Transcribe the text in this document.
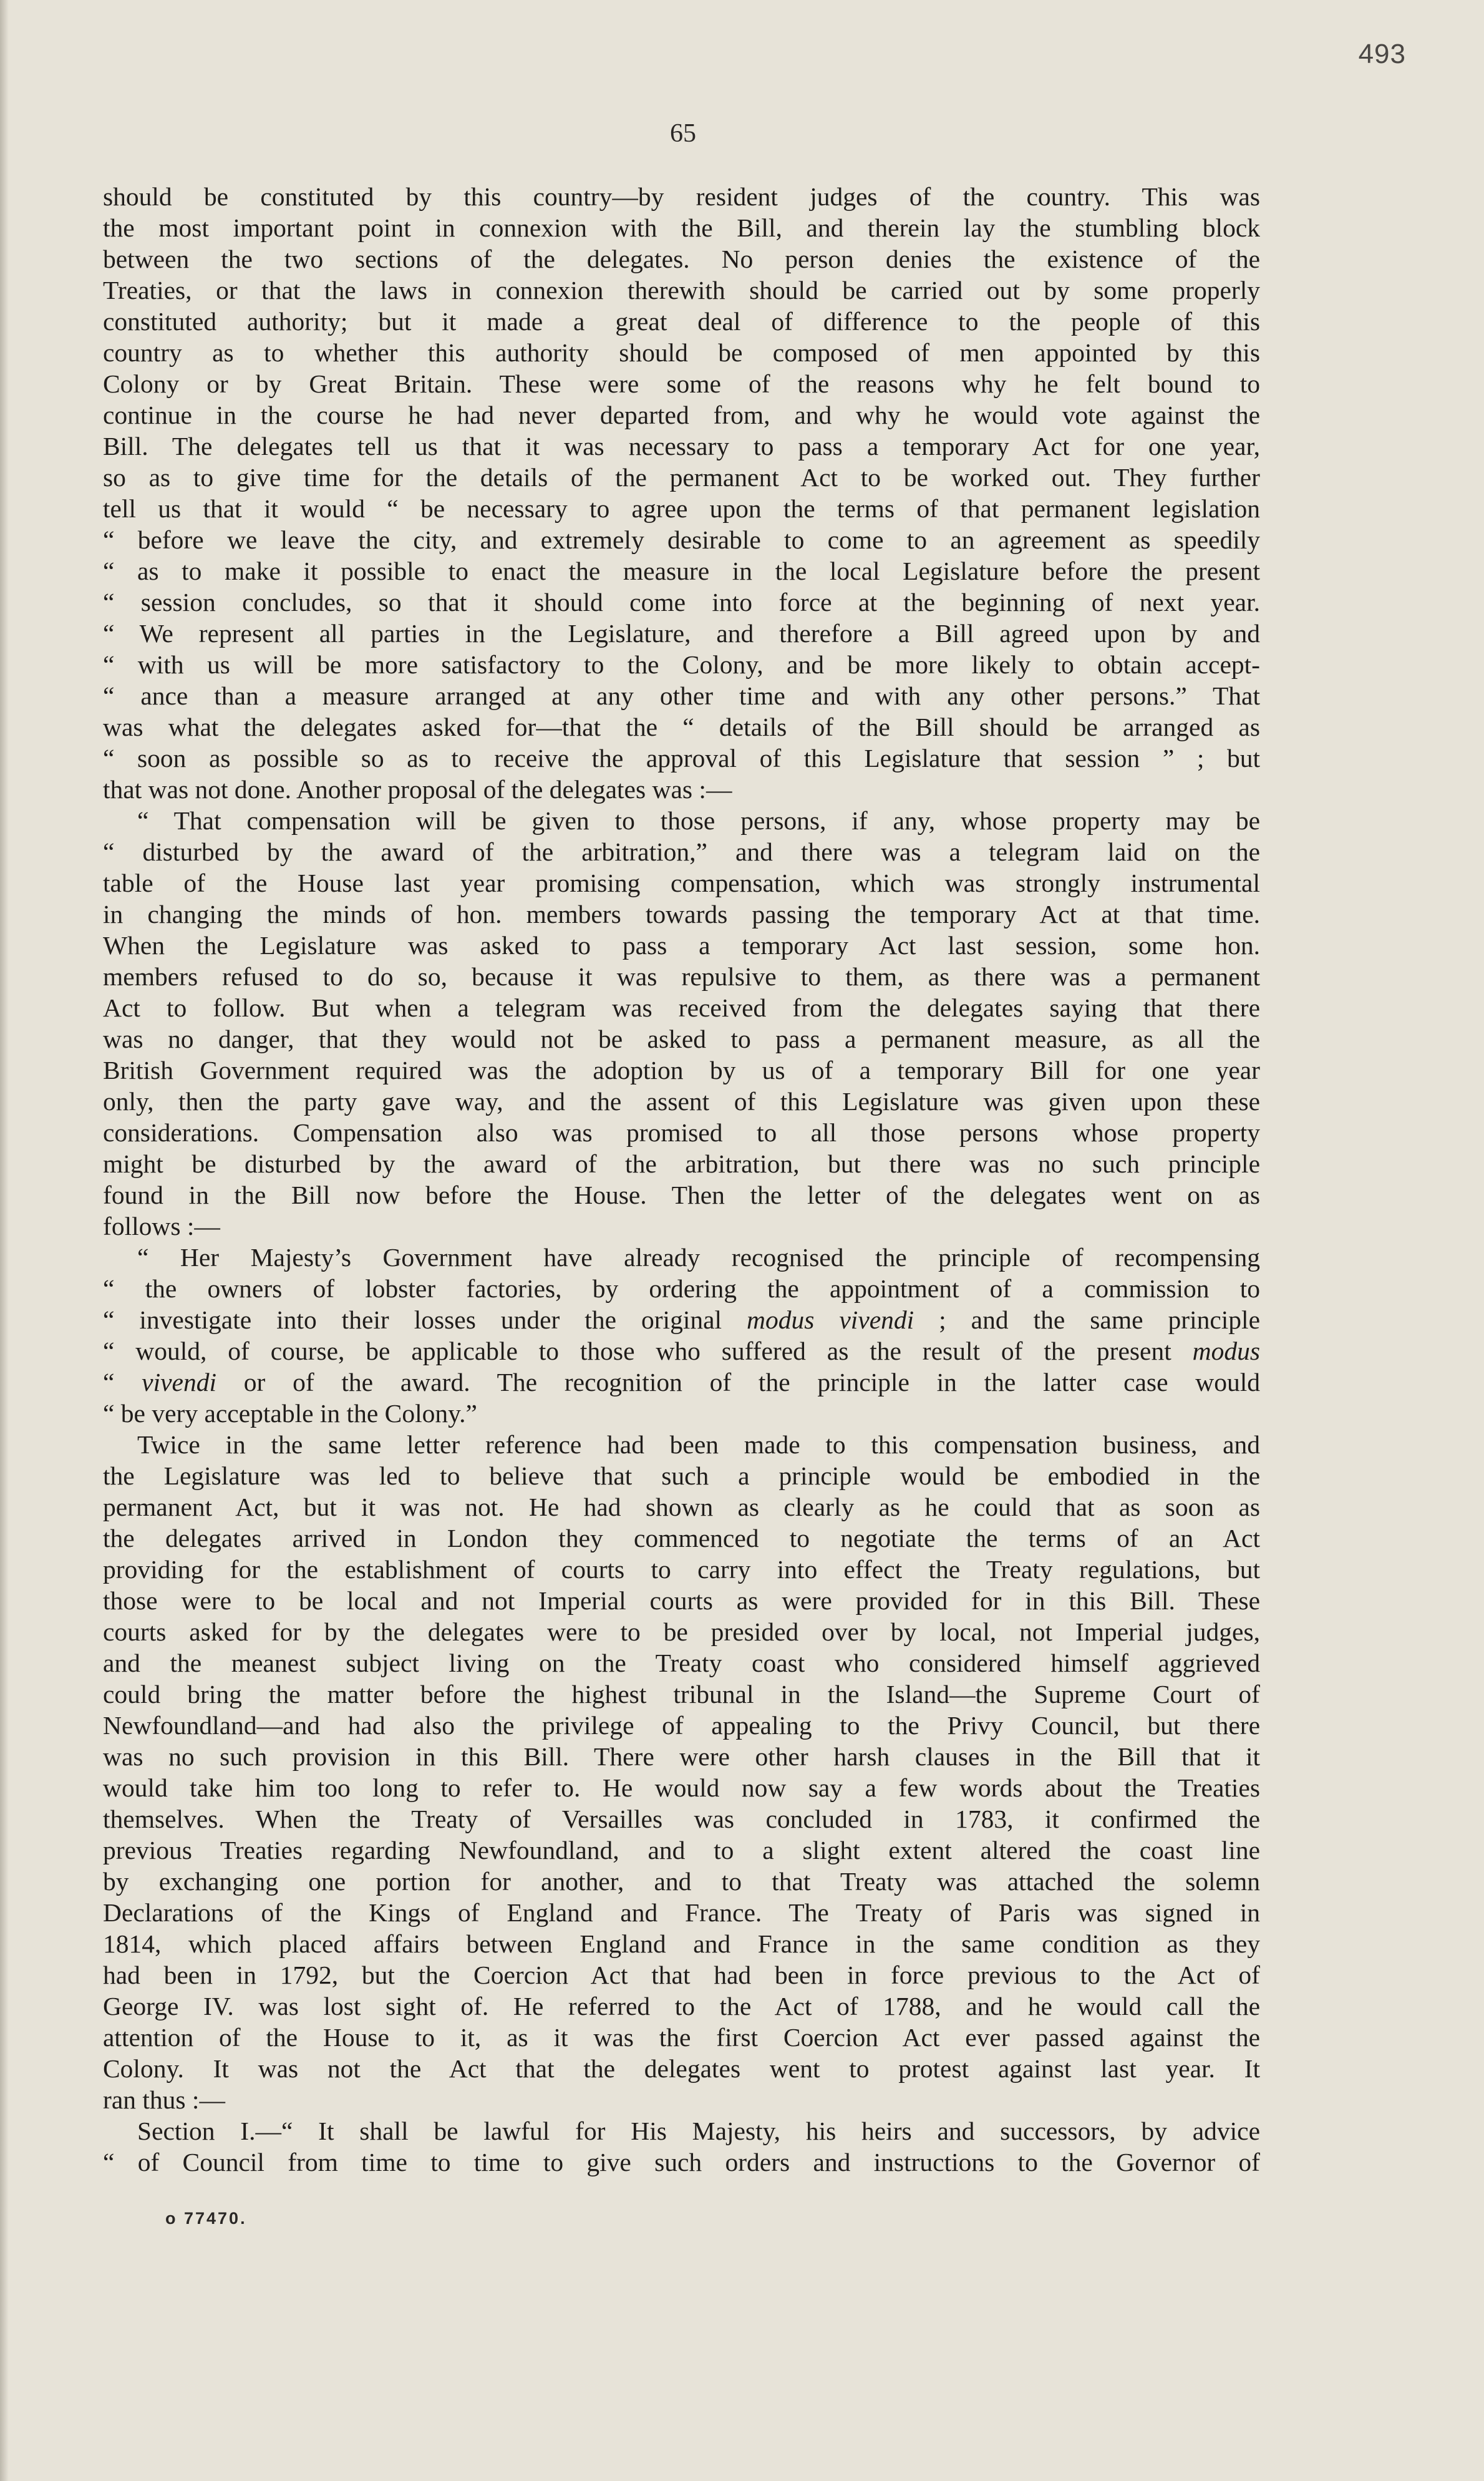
493
65
should be constituted by this country—by resident judges of the country. This was
the most important point in connexion with the Bill, and therein lay the stumbling block
between the two sections of the delegates. No person denies the existence of the
Treaties, or that the laws in connexion therewith should be carried out by some properly
constituted authority; but it made a great deal of difference to the people of this
country as to whether this authority should be composed of men appointed by this
Colony or by Great Britain. These were some of the reasons why he felt bound to
continue in the course he had never departed from, and why he would vote against the
Bill. The delegates tell us that it was necessary to pass a temporary Act for one year,
so as to give time for the details of the permanent Act to be worked out. They further
tell us that it would “ be necessary to agree upon the terms of that permanent legislation
“ before we leave the city, and extremely desirable to come to an agreement as speedily
“ as to make it possible to enact the measure in the local Legislature before the present
“ session concludes, so that it should come into force at the beginning of next year.
“ We represent all parties in the Legislature, and therefore a Bill agreed upon by and
“ with us will be more satisfactory to the Colony, and be more likely to obtain accept-
“ ance than a measure arranged at any other time and with any other persons.” That
was what the delegates asked for—that the “ details of the Bill should be arranged as
“ soon as possible so as to receive the approval of this Legislature that session ” ; but
that was not done. Another proposal of the delegates was :—
“ That compensation will be given to those persons, if any, whose property may be
“ disturbed by the award of the arbitration,” and there was a telegram laid on the
table of the House last year promising compensation, which was strongly instrumental
in changing the minds of hon. members towards passing the temporary Act at that time.
When the Legislature was asked to pass a temporary Act last session, some hon.
members refused to do so, because it was repulsive to them, as there was a permanent
Act to follow. But when a telegram was received from the delegates saying that there
was no danger, that they would not be asked to pass a permanent measure, as all the
British Government required was the adoption by us of a temporary Bill for one year
only, then the party gave way, and the assent of this Legislature was given upon these
considerations. Compensation also was promised to all those persons whose property
might be disturbed by the award of the arbitration, but there was no such principle
found in the Bill now before the House. Then the letter of the delegates went on as
follows :—
“ Her Majesty’s Government have already recognised the principle of recompensing
“ the owners of lobster factories, by ordering the appointment of a commission to
“ investigate into their losses under the original modus vivendi ; and the same principle
“ would, of course, be applicable to those who suffered as the result of the present modus
“ vivendi or of the award. The recognition of the principle in the latter case would
“ be very acceptable in the Colony.”
Twice in the same letter reference had been made to this compensation business, and
the Legislature was led to believe that such a principle would be embodied in the
permanent Act, but it was not. He had shown as clearly as he could that as soon as
the delegates arrived in London they commenced to negotiate the terms of an Act
providing for the establishment of courts to carry into effect the Treaty regulations, but
those were to be local and not Imperial courts as were provided for in this Bill. These
courts asked for by the delegates were to be presided over by local, not Imperial judges,
and the meanest subject living on the Treaty coast who considered himself aggrieved
could bring the matter before the highest tribunal in the Island—the Supreme Court of
Newfoundland—and had also the privilege of appealing to the Privy Council, but there
was no such provision in this Bill. There were other harsh clauses in the Bill that it
would take him too long to refer to. He would now say a few words about the Treaties
themselves. When the Treaty of Versailles was concluded in 1783, it confirmed the
previous Treaties regarding Newfoundland, and to a slight extent altered the coast line
by exchanging one portion for another, and to that Treaty was attached the solemn
Declarations of the Kings of England and France. The Treaty of Paris was signed in
1814, which placed affairs between England and France in the same condition as they
had been in 1792, but the Coercion Act that had been in force previous to the Act of
George IV. was lost sight of. He referred to the Act of 1788, and he would call the
attention of the House to it, as it was the first Coercion Act ever passed against the
Colony. It was not the Act that the delegates went to protest against last year. It
ran thus :—
Section I.—“ It shall be lawful for His Majesty, his heirs and successors, by advice
“ of Council from time to time to give such orders and instructions to the Governor of
o 77470.
